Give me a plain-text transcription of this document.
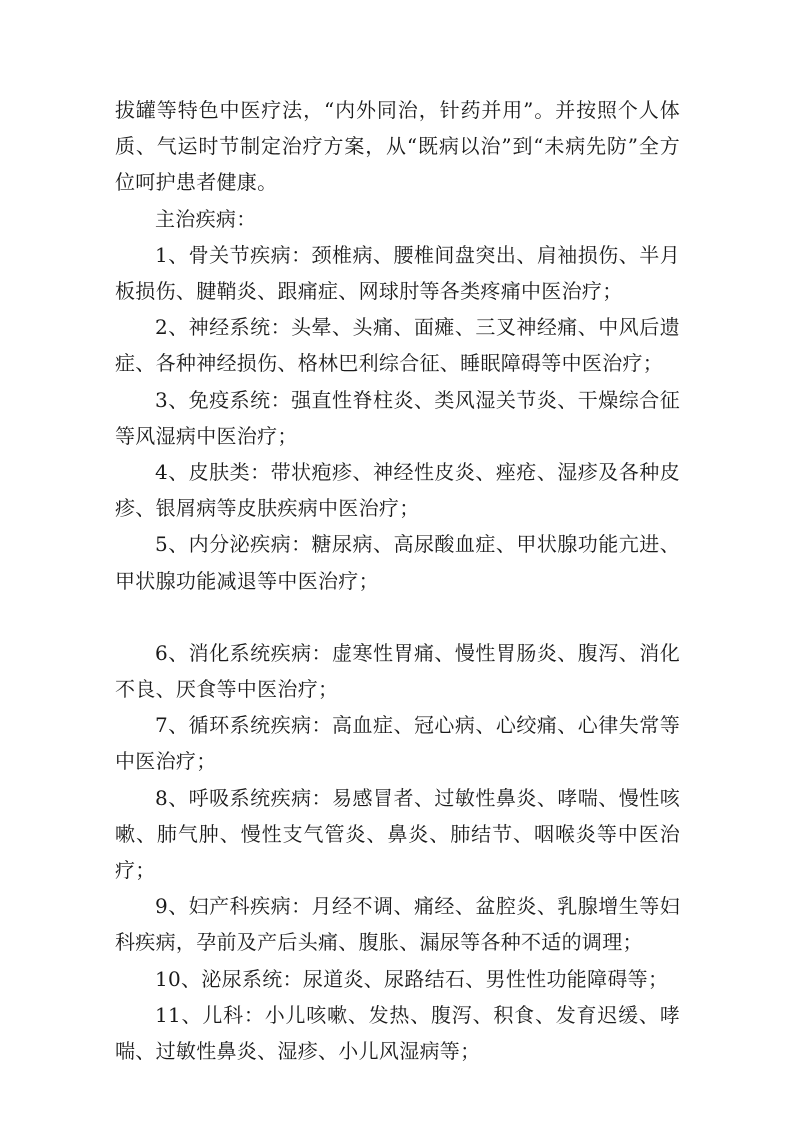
拔罐等特色中医疗法，“内外同治，针药并用”。并按照个人体质、气运时节制定治疗方案，从“既病以治”到“未病先防”全方位呵护患者健康。

主治疾病：

1、骨关节疾病：颈椎病、腰椎间盘突出、肩袖损伤、半月板损伤、腱鞘炎、跟痛症、网球肘等各类疼痛中医治疗；

2、神经系统：头晕、头痛、面瘫、三叉神经痛、中风后遗症、各种神经损伤、格林巴利综合征、睡眠障碍等中医治疗；

3、免疫系统：强直性脊柱炎、类风湿关节炎、干燥综合征等风湿病中医治疗；

4、皮肤类：带状疱疹、神经性皮炎、痤疮、湿疹及各种皮疹、银屑病等皮肤疾病中医治疗；

5、内分泌疾病：糖尿病、高尿酸血症、甲状腺功能亢进、甲状腺功能减退等中医治疗；

6、消化系统疾病：虚寒性胃痛、慢性胃肠炎、腹泻、消化不良、厌食等中医治疗；

7、循环系统疾病：高血症、冠心病、心绞痛、心律失常等中医治疗；

8、呼吸系统疾病：易感冒者、过敏性鼻炎、哮喘、慢性咳嗽、肺气肿、慢性支气管炎、鼻炎、肺结节、咽喉炎等中医治疗；

9、妇产科疾病：月经不调、痛经、盆腔炎、乳腺增生等妇科疾病，孕前及产后头痛、腹胀、漏尿等各种不适的调理；

10、泌尿系统：尿道炎、尿路结石、男性性功能障碍等；

11、儿科：小儿咳嗽、发热、腹泻、积食、发育迟缓、哮喘、过敏性鼻炎、湿疹、小儿风湿病等；
